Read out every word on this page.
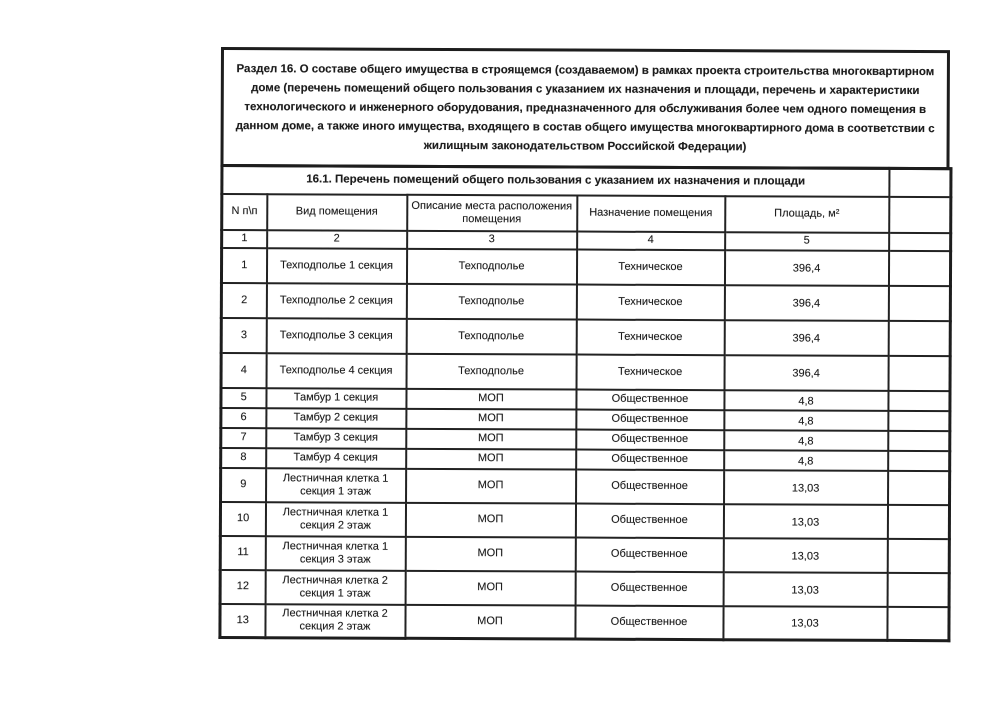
Раздел 16. О составе общего имущества в строящемся (создаваемом) в рамках проекта строительства многоквартирном доме (перечень помещений общего пользования с указанием их назначения и площади, перечень и характеристики технологического и инженерного оборудования, предназначенного для обслуживания более чем одного помещения в данном доме, а также иного имущества, входящего в состав общего имущества многоквартирного дома в соответствии с жилищным законодательством Российской Федерации)
16.1. Перечень помещений общего пользования с указанием их назначения и площади					
N п\п	Вид помещения	Описание места расположения помещения	Назначение помещения	Площадь, м²	
1	2	3	4	5	
1	Техподполье 1 секция	Техподполье	Техническое	396,4	
2	Техподполье 2 секция	Техподполье	Техническое	396,4	
3	Техподполье 3 секция	Техподполье	Техническое	396,4	
4	Техподполье 4 секция	Техподполье	Техническое	396,4	
5	Тамбур 1 секция	МОП	Общественное	4,8	
6	Тамбур 2 секция	МОП	Общественное	4,8	
7	Тамбур 3 секция	МОП	Общественное	4,8	
8	Тамбур 4 секция	МОП	Общественное	4,8	
9	Лестничная клетка 1 секция 1 этаж	МОП	Общественное	13,03	
10	Лестничная клетка 1 секция 2 этаж	МОП	Общественное	13,03	
11	Лестничная клетка 1 секция 3 этаж	МОП	Общественное	13,03	
12	Лестничная клетка 2 секция 1 этаж	МОП	Общественное	13,03	
13	Лестничная клетка 2 секция 2 этаж	МОП	Общественное	13,03	
